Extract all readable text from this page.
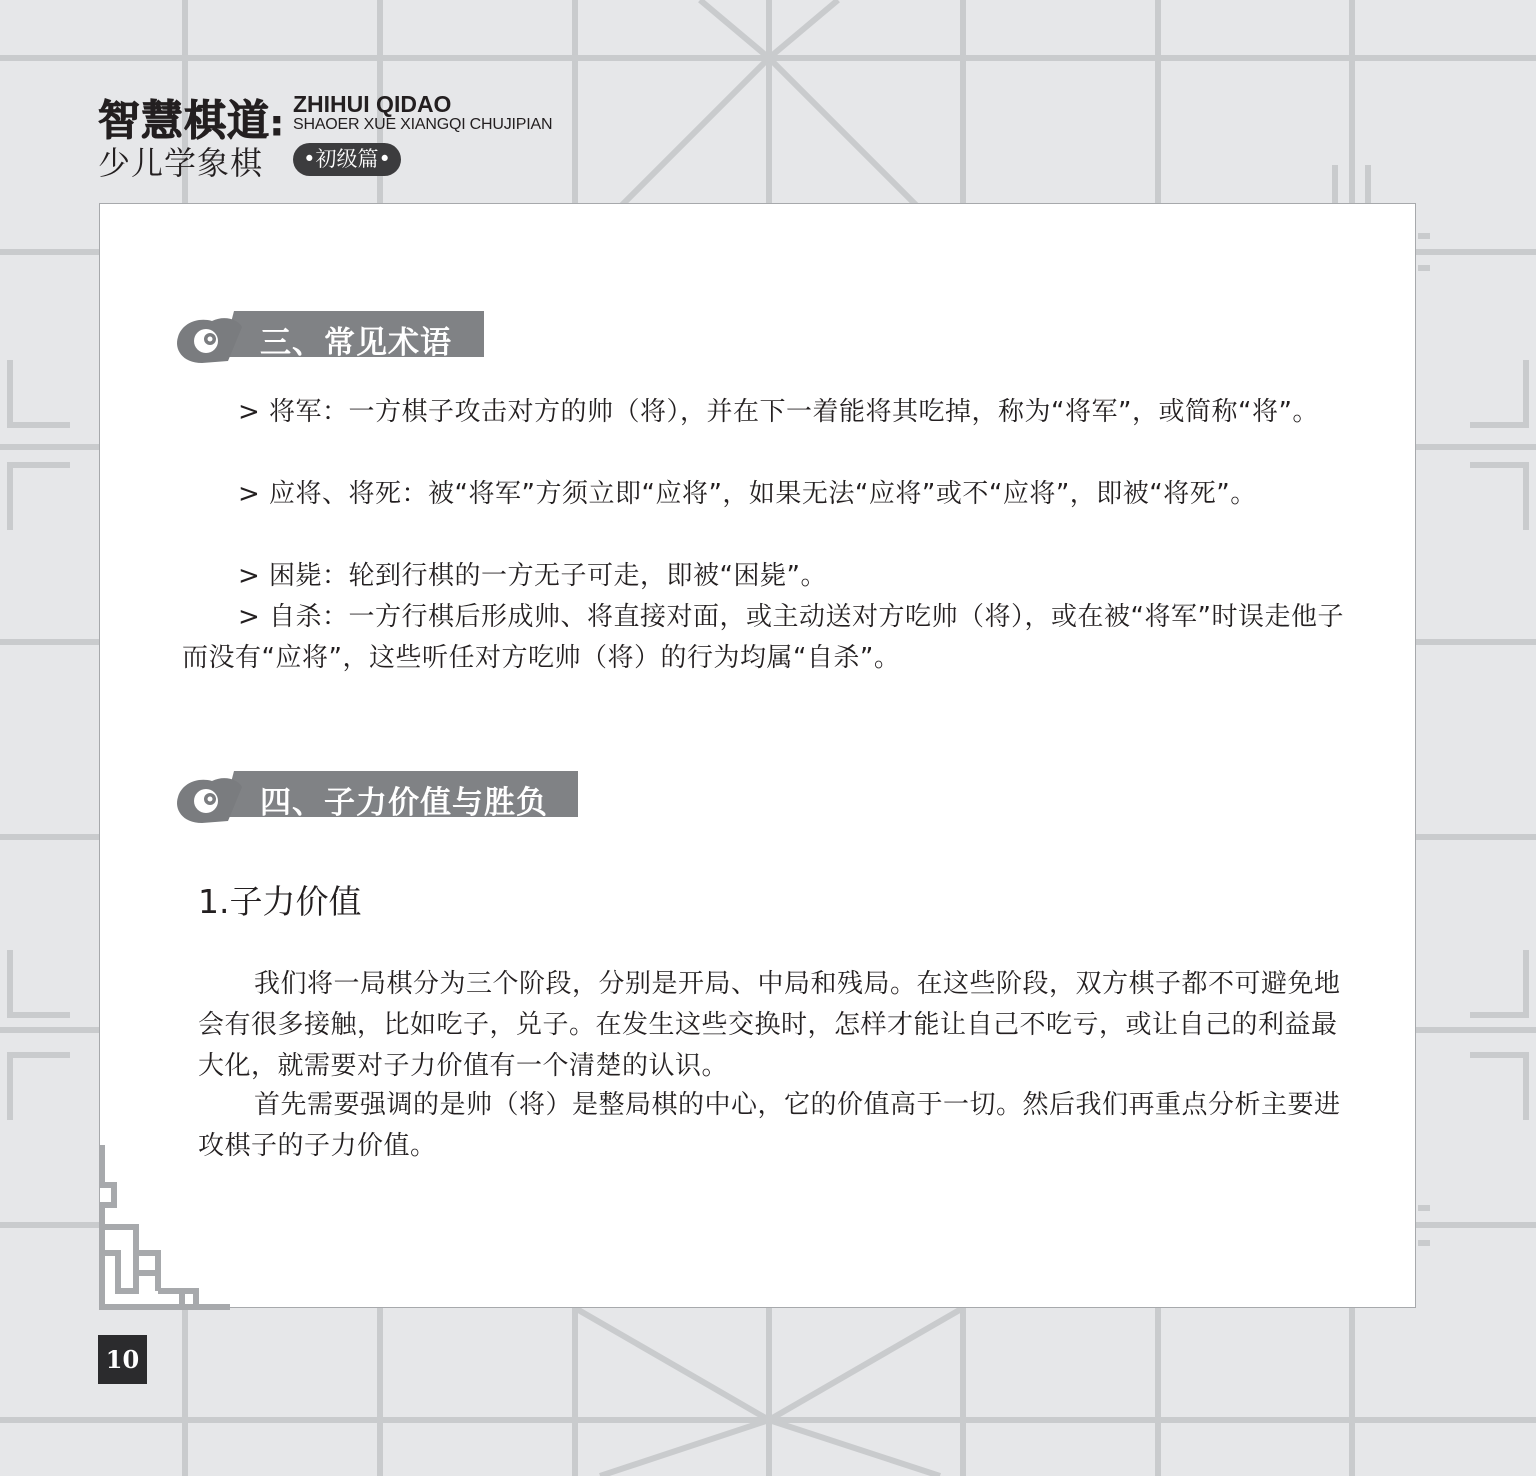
智慧棋道: ZHIHUI QIDAO
SHAOER XUE XIANGQI CHUJIPIAN
少儿学象棋	•初级篇•
三、常见术语

> 将军：一方棋子攻击对方的帅（将），并在下一着能将其吃掉，称为“将军”，或简称“将”。

> 应将、将死：被“将军”方须立即“应将”，如果无法“应将”或不“应将”，即被“将死”。

> 困毙：轮到行棋的一方无子可走，即被“困毙”。

> 自杀：一方行棋后形成帅、将直接对面，或主动送对方吃帅（将），或在被“将军”时误走他子而没有“应将”，这些听任对方吃帅（将）的行为均属“自杀”。

四、子力价值与胜负
1.子力价值

我们将一局棋分为三个阶段，分别是开局、中局和残局。在这些阶段，双方棋子都不可避免地会有很多接触，比如吃子，兑子。在发生这些交换时，怎样才能让自己不吃亏，或让自己的利益最大化，就需要对子力价值有一个清楚的认识。

首先需要强调的是帅（将）是整局棋的中心，它的价值高于一切。然后我们再重点分析主要进攻棋子的子力价值。

10
